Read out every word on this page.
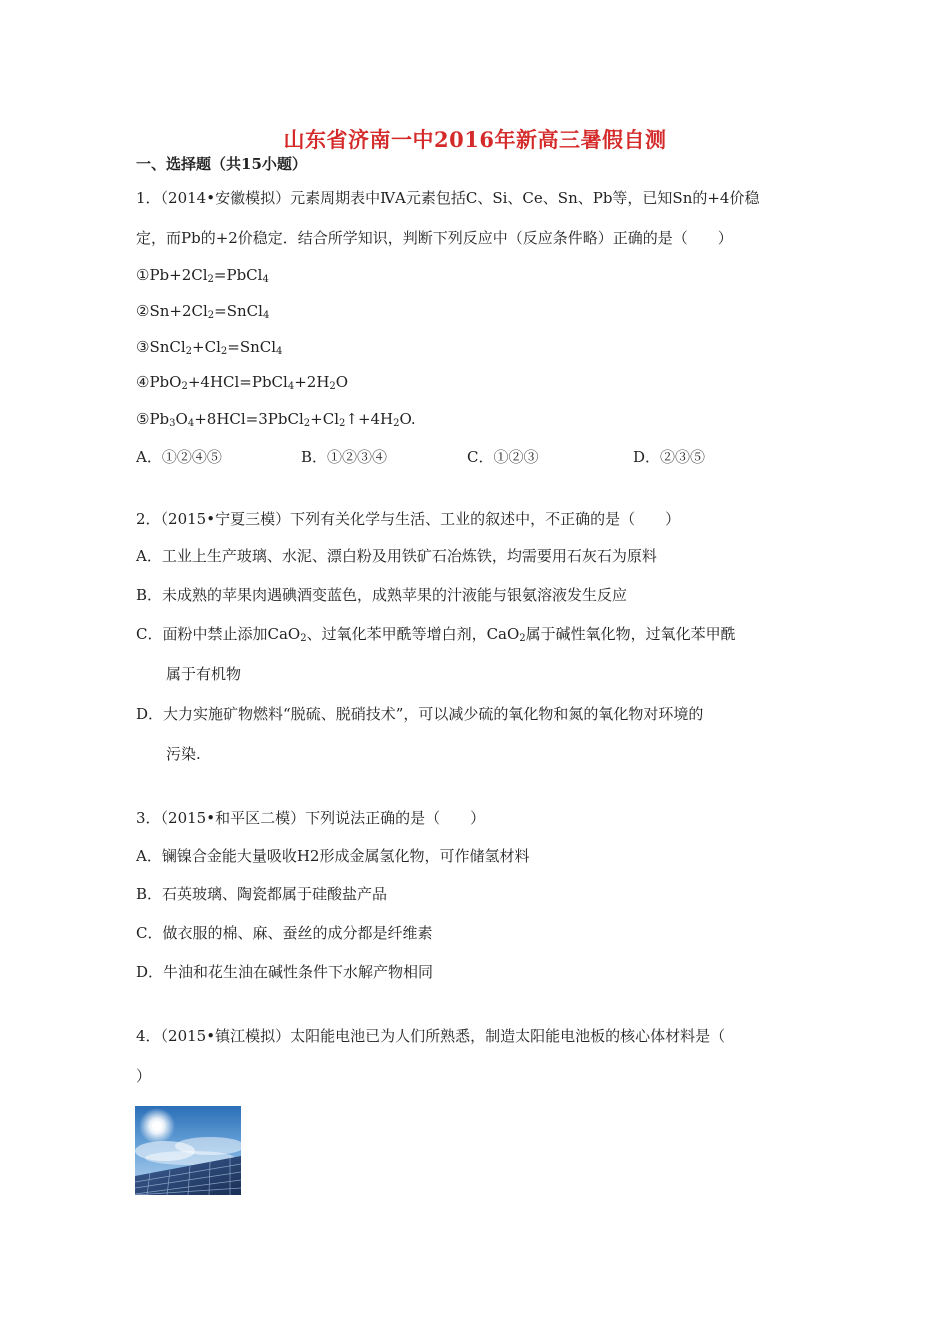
山东省济南一中2016年新高三暑假自测
一、选择题（共15小题）
1．（2014•安徽模拟）元素周期表中ⅣA元素包括C、Si、Ce、Sn、Pb等，已知Sn的+4价稳
定，而Pb的+2价稳定．结合所学知识，判断下列反应中（反应条件略）正确的是（　　）
$①Pb+2Cl_2=PbCl_4$
$②Sn+2Cl_2=SnCl_4$
$③SnCl_2+Cl_2=SnCl_4$
$④PbO_2+4HCl=PbCl_4+2H_2O$
$⑤Pb_3O_4+8HCl=3PbCl_2+Cl_2↑+4H_2O$.
A．①②④⑤	B．①②③④	C．①②③	D．②③⑤
2．（2015•宁夏三模）下列有关化学与生活、工业的叙述中，不正确的是（　　）
A．工业上生产玻璃、水泥、漂白粉及用铁矿石冶炼铁，均需要用石灰石为原料
B．未成熟的苹果肉遇碘酒变蓝色，成熟苹果的汁液能与银氨溶液发生反应
C．面粉中禁止添加CaO$_2$、过氧化苯甲酰等增白剂，CaO$_2$属于碱性氧化物，过氧化苯甲酰
属于有机物
D．大力实施矿物燃料“脱硫、脱硝技术”，可以减少硫的氧化物和氮的氧化物对环境的
污染.
3．（2015•和平区二模）下列说法正确的是（　　）
A．镧镍合金能大量吸收H2形成金属氢化物，可作储氢材料
B．石英玻璃、陶瓷都属于硅酸盐产品
C．做衣服的棉、麻、蚕丝的成分都是纤维素
D．牛油和花生油在碱性条件下水解产物相同
4．（2015•镇江模拟）太阳能电池已为人们所熟悉，制造太阳能电池板的核心体材料是（
）
